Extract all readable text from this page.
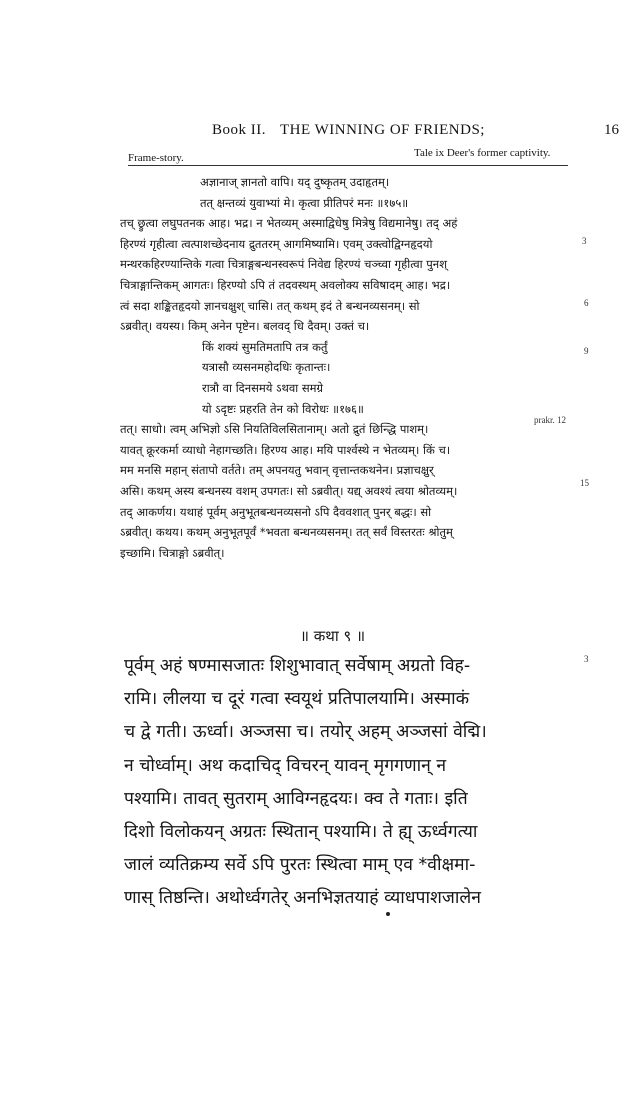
Book II. THE WINNING OF FRIENDS;	16
Frame-story.	Tale ix Deer's former captivity.
अज्ञानाज् ज्ञानतो वापि। यद् दुष्कृतम् उदाहृतम्।
तत् क्षन्तव्यं युवाभ्यां मे। कृत्वा प्रीतिपरं मनः ॥१७५॥
तच् छ्रुत्वा लघुपतनक आह। भद्र। न भेतव्यम् अस्माद्विधेषु मित्रेषु विद्यमानेषु। तद् अहं
हिरण्यं गृहीत्वा त्वत्पाशच्छेदनाय द्रुततरम् आगमिष्यामि। एवम् उक्त्वोद्विग्नहृदयो
मन्थरकहिरण्यान्तिके गत्वा चित्राङ्गबन्धनस्वरूपं निवेद्य हिरण्यं चञ्च्वा गृहीत्वा पुनश्
चित्राङ्गान्तिकम् आगतः। हिरण्यो ऽपि तं तदवस्थम् अवलोक्य सविषादम् आह। भद्र।
त्वं सदा शङ्कितहृदयो ज्ञानचक्षुश् चासि। तत् कथम् इदं ते बन्धनव्यसनम्। सो
ऽब्रवीत्। वयस्य। किम् अनेन पृष्टेन। बलवद् धि दैवम्। उक्तं च।
किं शक्यं सुमतिमतापि तत्र कर्तुं
यत्रासौ व्यसनमहोदधिः कृतान्तः।
रात्रौ वा दिनसमये ऽथवा समग्रे
यो ऽदृष्टः प्रहरति तेन को विरोधः ॥१७६॥
तत्। साधो। त्वम् अभिज्ञो ऽसि नियतिविलसितानाम्। अतो द्रुतं छिन्द्धि पाशम्।
यावत् क्रूरकर्मा व्याधो नेहागच्छति। हिरण्य आह। मयि पार्श्वस्थे न भेतव्यम्। किं च।
मम मनसि महान् संतापो वर्तते। तम् अपनयतु भवान् वृत्तान्तकथनेन। प्रज्ञाचक्षुर्
असि। कथम् अस्य बन्धनस्य वशम् उपगतः। सो ऽब्रवीत्। यद्य् अवश्यं त्वया श्रोतव्यम्।
तद् आकर्णय। यथाहं पूर्वम् अनुभूतबन्धनव्यसनो ऽपि दैववशात् पुनर् बद्धः। सो
ऽब्रवीत्। कथय। कथम् अनुभूतपूर्वं *भवता बन्धनव्यसनम्। तत् सर्वं विस्तरतः श्रोतुम्
इच्छामि। चित्राङ्गो ऽब्रवीत्।
3
6
9
prakr. 12
15
॥ कथा ९ ॥
पूर्वम् अहं षण्मासजातः शिशुभावात् सर्वेषाम् अग्रतो विह-
रामि। लीलया च दूरं गत्वा स्वयूथं प्रतिपालयामि। अस्माकं
च द्वे गती। ऊर्ध्वा। अञ्जसा च। तयोर् अहम् अञ्जसां वेद्मि।
न चोर्ध्वाम्। अथ कदाचिद् विचरन् यावन् मृगगणान् न
पश्यामि। तावत् सुतराम् आविग्नहृदयः। क्व ते गताः। इति
दिशो विलोकयन् अग्रतः स्थितान् पश्यामि। ते ह्य् ऊर्ध्वगत्या
जालं व्यतिक्रम्य सर्वे ऽपि पुरतः स्थित्वा माम् एव *वीक्षमा-
णास् तिष्ठन्ति। अथोर्ध्वगतेर् अनभिज्ञतयाहं व्याधपाशजालेन
3
